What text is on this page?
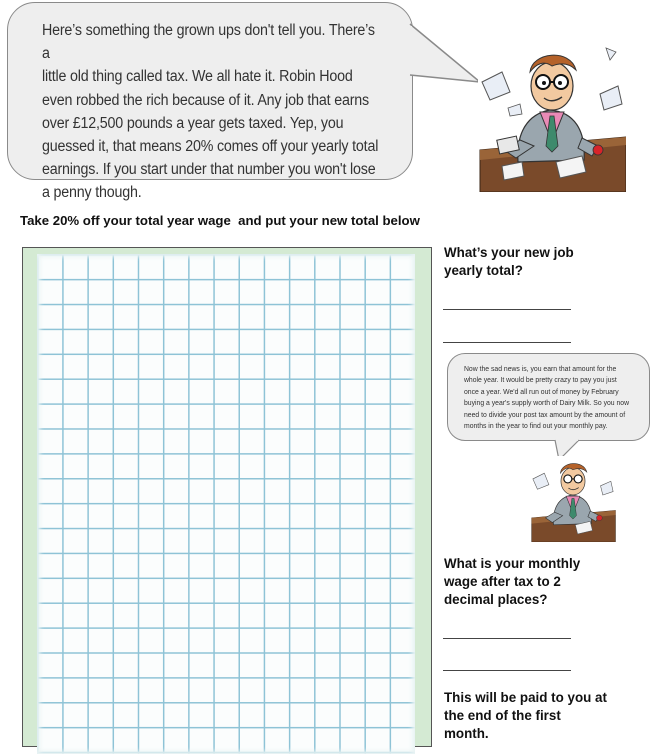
Here’s something the grown ups don't tell you. There’s a

little old thing called tax. We all hate it. Robin Hood

even robbed the rich because of it. Any job that earns

over £12,500 pounds a year gets taxed. Yep, you

guessed it, that means 20% comes off your yearly total

earnings. If you start under that number you won't lose

a penny though.

Take 20% off your total year wage  and put your new total below
What’s your new job yearly total?

Now the sad news is, you earn that amount for the

whole year. It would be pretty crazy to pay you just

once a year. We'd all run out of money by February

buying a year's supply worth of Dairy Milk. So you now

need to divide your post tax amount by the amount of

months in the year to find out your monthly pay.

What is your monthly wage after tax to 2 decimal places?
This will be paid to you at the end of the first month.
